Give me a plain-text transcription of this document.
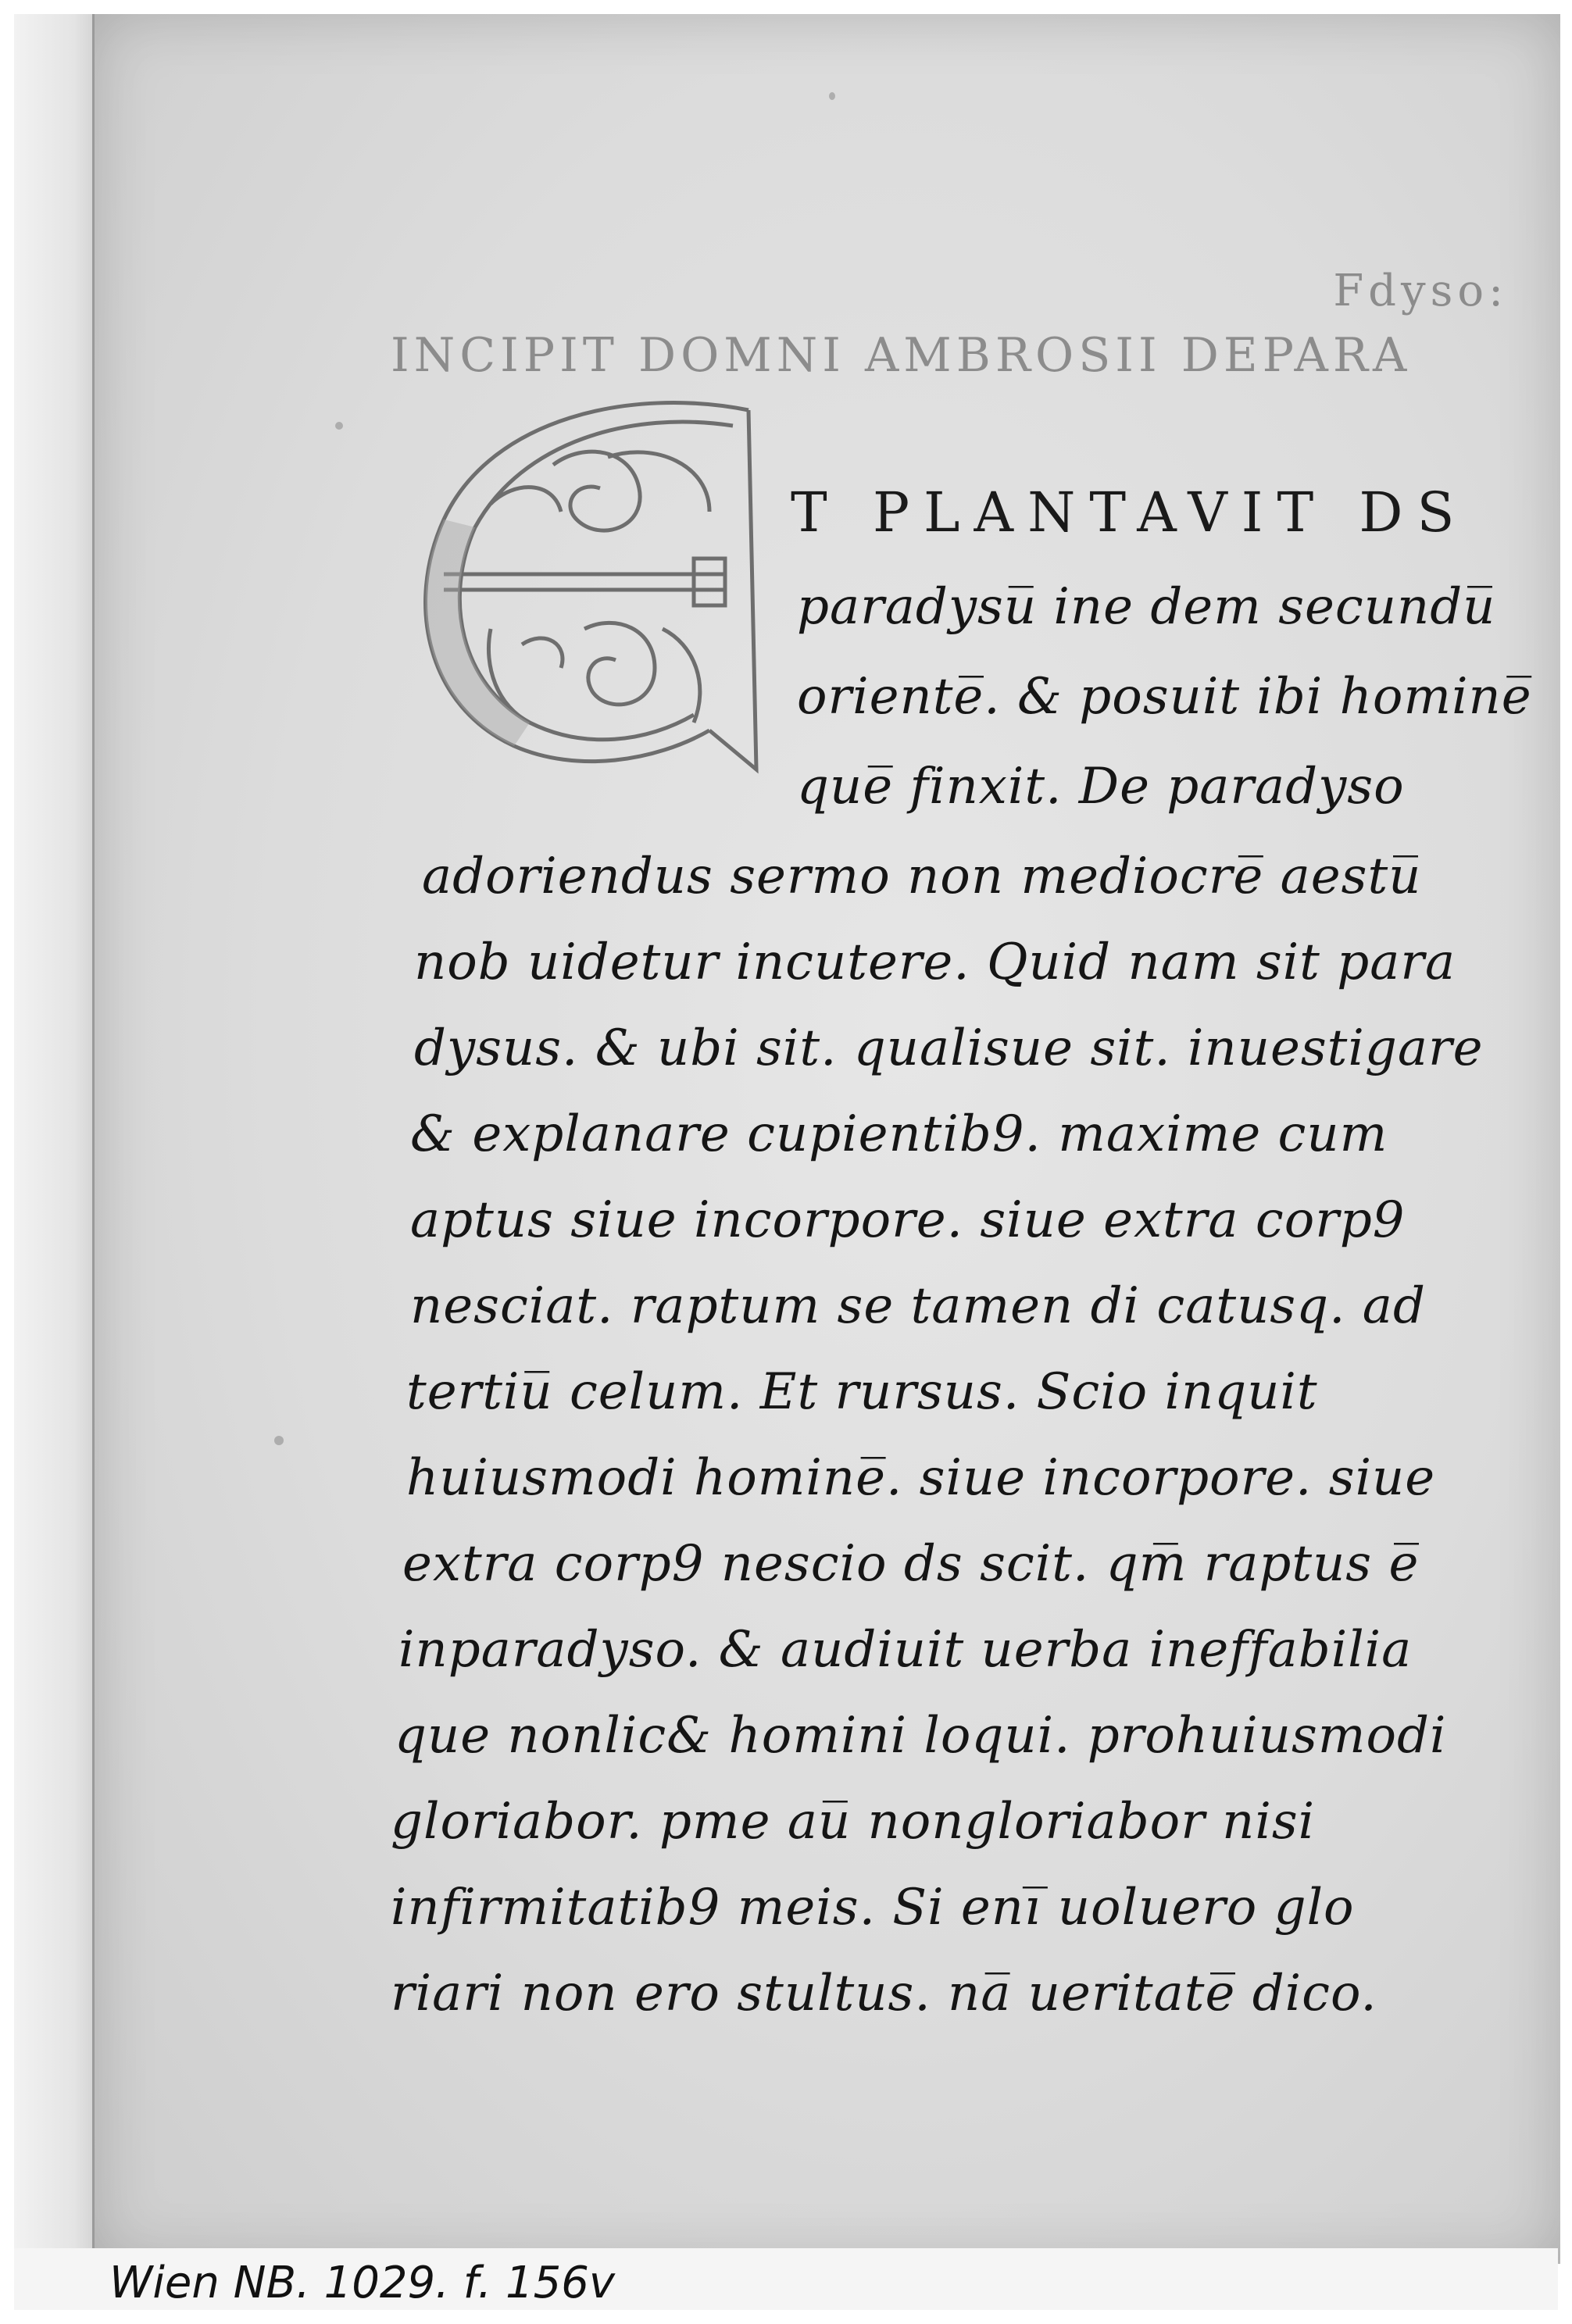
Fdyso:
INCIPIT DOMNI AMBROSII DEPARA
T PLANTAVIT DS
paradysu̅ ine dem secundu̅
oriente̅. & posuit ibi homine̅
que̅ finxit. De paradyso
adoriendus sermo non mediocre̅ aestu̅
nob uidetur incutere. Quid nam sit para
dysus. & ubi sit. qualisue sit. inuestigare
& explanare cupientib9. maxime cum
aptus siue incorpore. siue extra corp9
nesciat. raptum se tamen di catusq. ad
tertiu̅ celum. Et rursus. Scio inquit
huiusmodi homine̅. siue incorpore. siue
extra corp9 nescio ds scit. qm̅ raptus e̅
inparadyso. & audiuit uerba ineffabilia
que nonlic& homini loqui. prohuiusmodi
gloriabor. pme au̅ nongloriabor nisi
infirmitatib9 meis. Si eni̅ uoluero glo
riari non ero stultus. na̅ ueritate̅ dico.
Wien NB. 1029. f. 156v
